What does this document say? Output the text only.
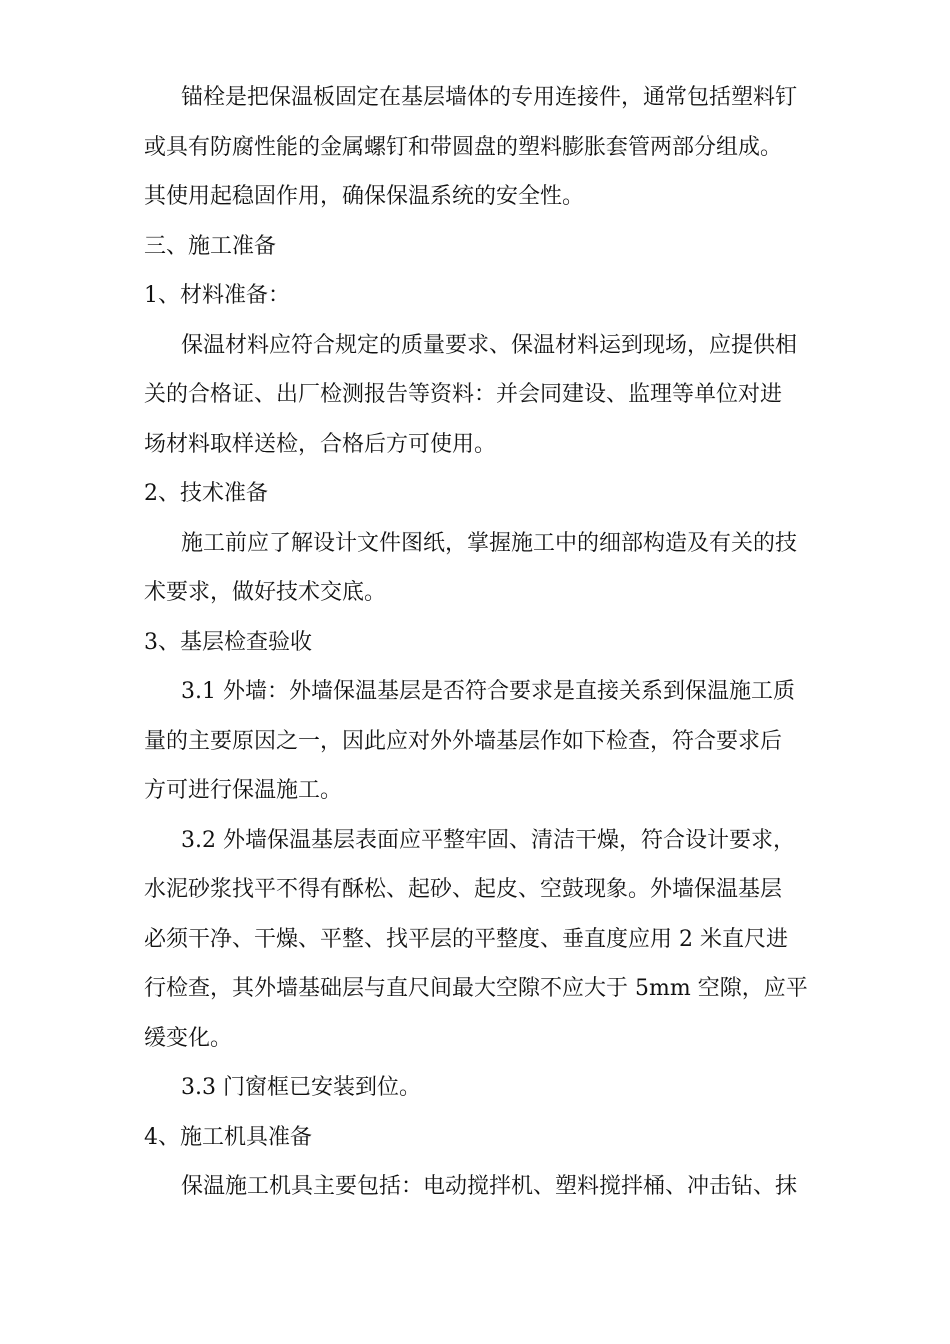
锚栓是把保温板固定在基层墙体的专用连接件，通常包括塑料钉
或具有防腐性能的金属螺钉和带圆盘的塑料膨胀套管两部分组成。
其使用起稳固作用，确保保温系统的安全性。
三、施工准备
1、材料准备：
保温材料应符合规定的质量要求、保温材料运到现场，应提供相
关的合格证、出厂检测报告等资料：并会同建设、监理等单位对进
场材料取样送检，合格后方可使用。
2、技术准备
施工前应了解设计文件图纸，掌握施工中的细部构造及有关的技
术要求，做好技术交底。
3、基层检查验收
3.1 外墙：外墙保温基层是否符合要求是直接关系到保温施工质
量的主要原因之一，因此应对外外墙基层作如下检查，符合要求后
方可进行保温施工。
3.2 外墙保温基层表面应平整牢固、清洁干燥，符合设计要求，
水泥砂浆找平不得有酥松、起砂、起皮、空鼓现象。外墙保温基层
必须干净、干燥、平整、找平层的平整度、垂直度应用 2 米直尺进
行检查，其外墙基础层与直尺间最大空隙不应大于 5mm 空隙，应平
缓变化。
3.3 门窗框已安装到位。
4、施工机具准备
保温施工机具主要包括：电动搅拌机、塑料搅拌桶、冲击钻、抹
